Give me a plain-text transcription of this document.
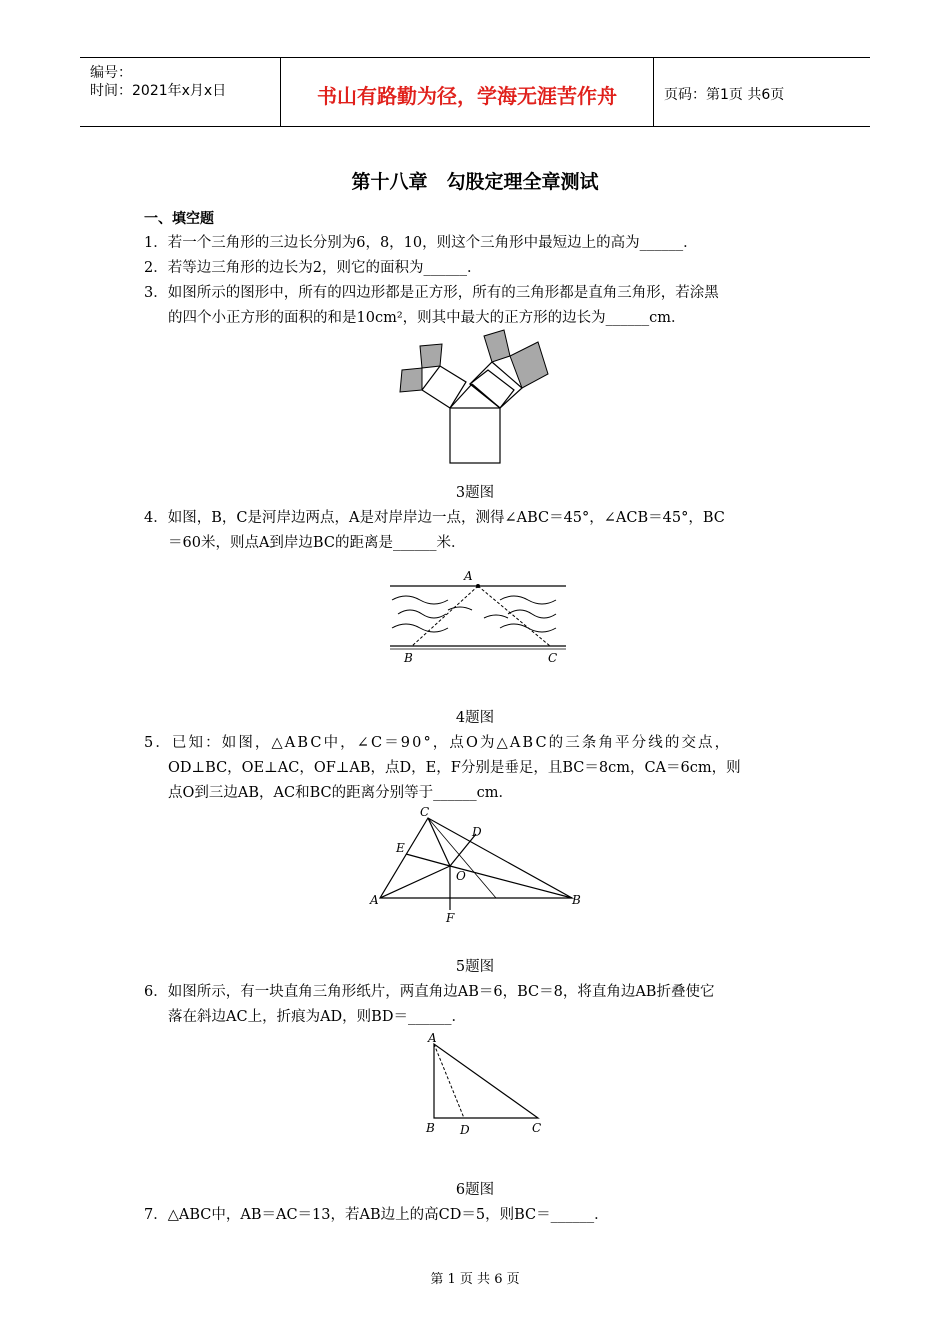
编号：
时间：2021年x月x日	书山有路勤为径，学海无涯苦作舟	页码：第1页 共6页
第十八章　勾股定理全章测试
一、填空题
1．若一个三角形的三边长分别为6，8，10，则这个三角形中最短边上的高为______．
2．若等边三角形的边长为2，则它的面积为______．
3．如图所示的图形中，所有的四边形都是正方形，所有的三角形都是直角三角形，若涂黑
的四个小正方形的面积的和是10cm²，则其中最大的正方形的边长为______cm．
3题图
4．如图，B，C是河岸边两点，A是对岸岸边一点，测得∠ABC＝45°，∠ACB＝45°，BC
＝60米，则点A到岸边BC的距离是______米．
A
B	C
4题图
5．已知：如图，△ABC中，∠C＝90°，点O为△ABC的三条角平分线的交点，
OD⊥BC，OE⊥AC，OF⊥AB，点D，E，F分别是垂足，且BC＝8cm，CA＝6cm，则
点O到三边AB，AC和BC的距离分别等于______cm．
C
D
E
O
A	B
F
5题图
6．如图所示，有一块直角三角形纸片，两直角边AB＝6，BC＝8，将直角边AB折叠使它
落在斜边AC上，折痕为AD，则BD＝______．
A
B D	C
6题图
7．△ABC中，AB＝AC＝13，若AB边上的高CD＝5，则BC＝______．
第 1 页 共 6 页
